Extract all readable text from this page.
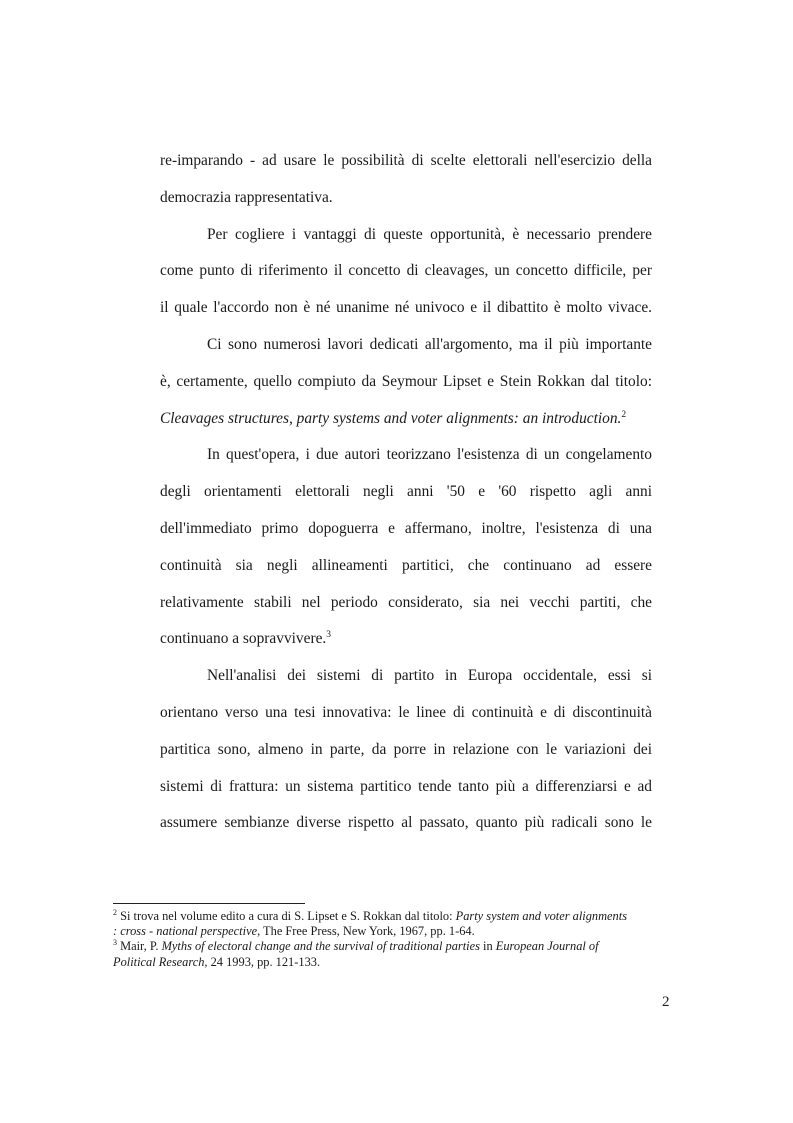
re-imparando - ad usare le possibilità di scelte elettorali nell'esercizio della
democrazia rappresentativa.
Per cogliere i vantaggi di queste opportunità, è necessario prendere
come punto di riferimento il concetto di cleavages, un concetto difficile, per
il quale l'accordo non è né unanime né univoco e il dibattito è molto vivace.
Ci sono numerosi lavori dedicati all'argomento, ma il più importante
è, certamente, quello compiuto da Seymour Lipset e Stein Rokkan dal titolo:
Cleavages structures, party systems and voter alignments: an introduction.$^2$
In quest'opera, i due autori teorizzano l'esistenza di un congelamento
degli orientamenti elettorali negli anni '50 e '60 rispetto agli anni
dell'immediato primo dopoguerra e affermano, inoltre, l'esistenza di una
continuità sia negli allineamenti partitici, che continuano ad essere
relativamente stabili nel periodo considerato, sia nei vecchi partiti, che
continuano a sopravvivere.$^3$
Nell'analisi dei sistemi di partito in Europa occidentale, essi si
orientano verso una tesi innovativa: le linee di continuità e di discontinuità
partitica sono, almeno in parte, da porre in relazione con le variazioni dei
sistemi di frattura: un sistema partitico tende tanto più a differenziarsi e ad
assumere sembianze diverse rispetto al passato, quanto più radicali sono le
$^2$ Si trova nel volume edito a cura di S. Lipset e S. Rokkan dal titolo: Party system and voter alignments
: cross - national perspective, The Free Press, New York, 1967, pp. 1-64.
$^3$ Mair, P. Myths of electoral change and the survival of traditional parties in European Journal of
Political Research, 24 1993, pp. 121-133.
2
